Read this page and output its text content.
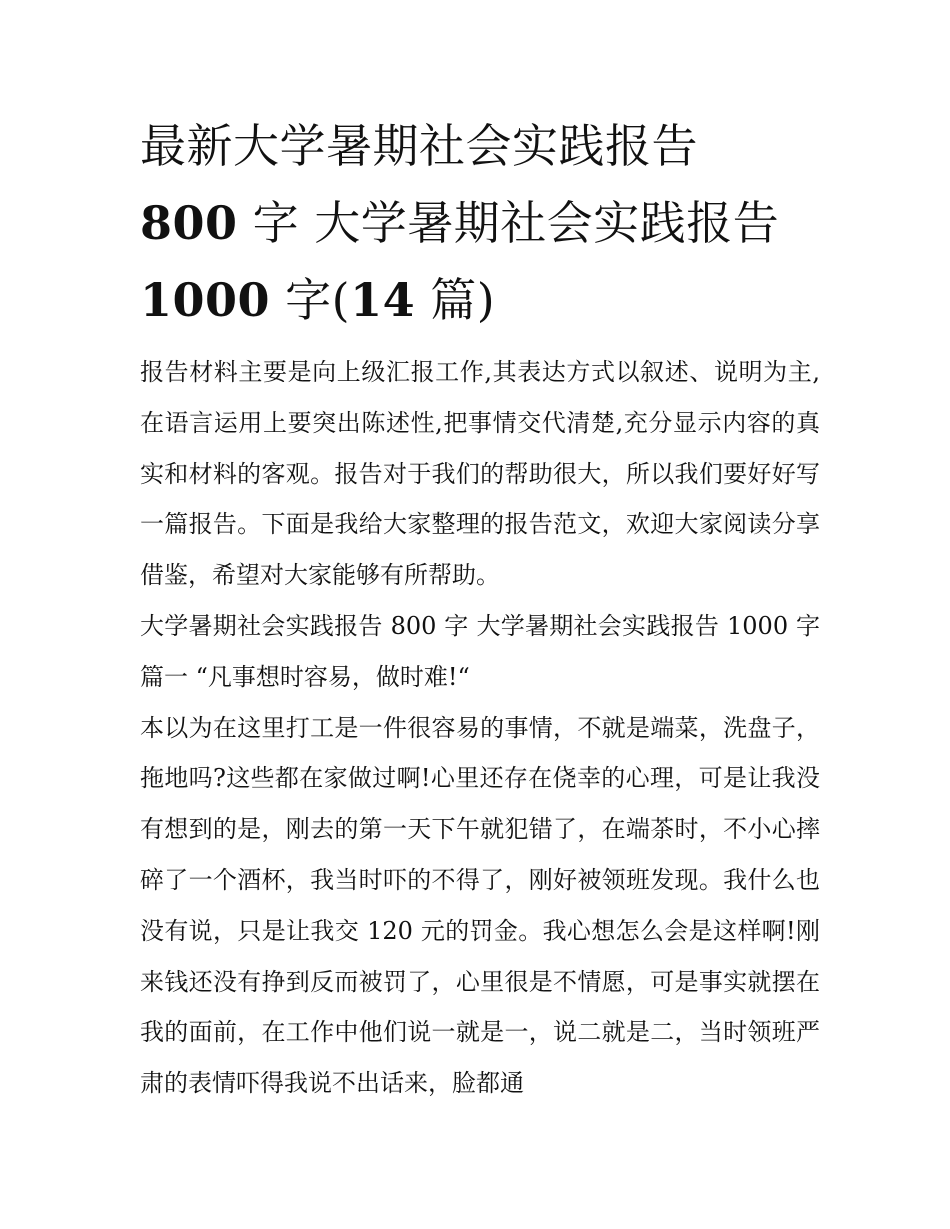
最新大学暑期社会实践报告
800 字 大学暑期社会实践报告
1000 字(14 篇)

报告材料主要是向上级汇报工作,其表达方式以叙述、说明为主,在语言运用上要突出陈述性,把事情交代清楚,充分显示内容的真实和材料的客观。报告对于我们的帮助很大，所以我们要好好写一篇报告。下面是我给大家整理的报告范文，欢迎大家阅读分享借鉴，希望对大家能够有所帮助。

大学暑期社会实践报告 800 字 大学暑期社会实践报告 1000 字 篇一 “凡事想时容易，做时难!“

本以为在这里打工是一件很容易的事情，不就是端菜，洗盘子，拖地吗?这些都在家做过啊!心里还存在侥幸的心理，可是让我没有想到的是，刚去的第一天下午就犯错了，在端茶时，不小心摔碎了一个酒杯，我当时吓的不得了，刚好被领班发现。我什么也没有说，只是让我交 120 元的罚金。我心想怎么会是这样啊!刚来钱还没有挣到反而被罚了，心里很是不情愿，可是事实就摆在我的面前，在工作中他们说一就是一，说二就是二，当时领班严肃的表情吓得我说不出话来，脸都通
